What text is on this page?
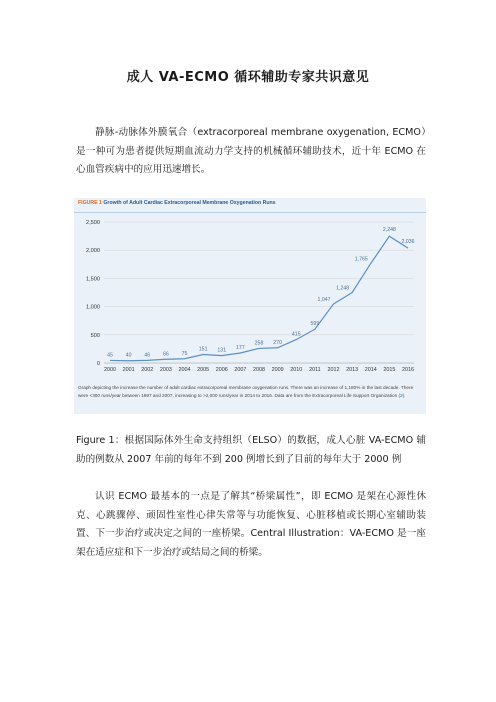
成人 VA-ECMO 循环辅助专家共识意见

静脉-动脉体外膜氧合（extracorporeal membrane oxygenation, ECMO）是一种可为患者提供短期血流动力学支持的机械循环辅助技术，近十年 ECMO 在心血管疾病中的应用迅速增长。

FIGURE 1 Growth of Adult Cardiac Extracorporeal Membrane Oxygenation Runs
0
500
1,000
1,500
2,000
2,500
2000 2001 2002 2003 2004 2005 2006 2007 2008 2009 2010 2011 2012 2013 2014 2015 2016
45 40 46 66 75
151 131 177
258 270
415
599
1,047
1,248
1,765
2,248
2,036

Graph depicting the increase the number of adult cardiac extracorporeal membrane oxygenation runs. There was an increase of 1,180% in the last decade. There were <300 runs/year between 1997 and 2007, increasing to >2,000 runs/year in 2014 to 2016. Data are from the Extracorporeal Life Support Organization (2).

Figure 1：根据国际体外生命支持组织（ELSO）的数据，成人心脏 VA-ECMO 辅助的例数从 2007 年前的每年不到 200 例增长到了目前的每年大于 2000 例

认识 ECMO 最基本的一点是了解其“桥梁属性”，即 ECMO 是架在心源性休克、心跳骤停、顽固性室性心律失常等与功能恢复、心脏移植或长期心室辅助装置、下一步治疗或决定之间的一座桥梁。Central Illustration：VA-ECMO 是一座架在适应症和下一步治疗或结局之间的桥梁。
